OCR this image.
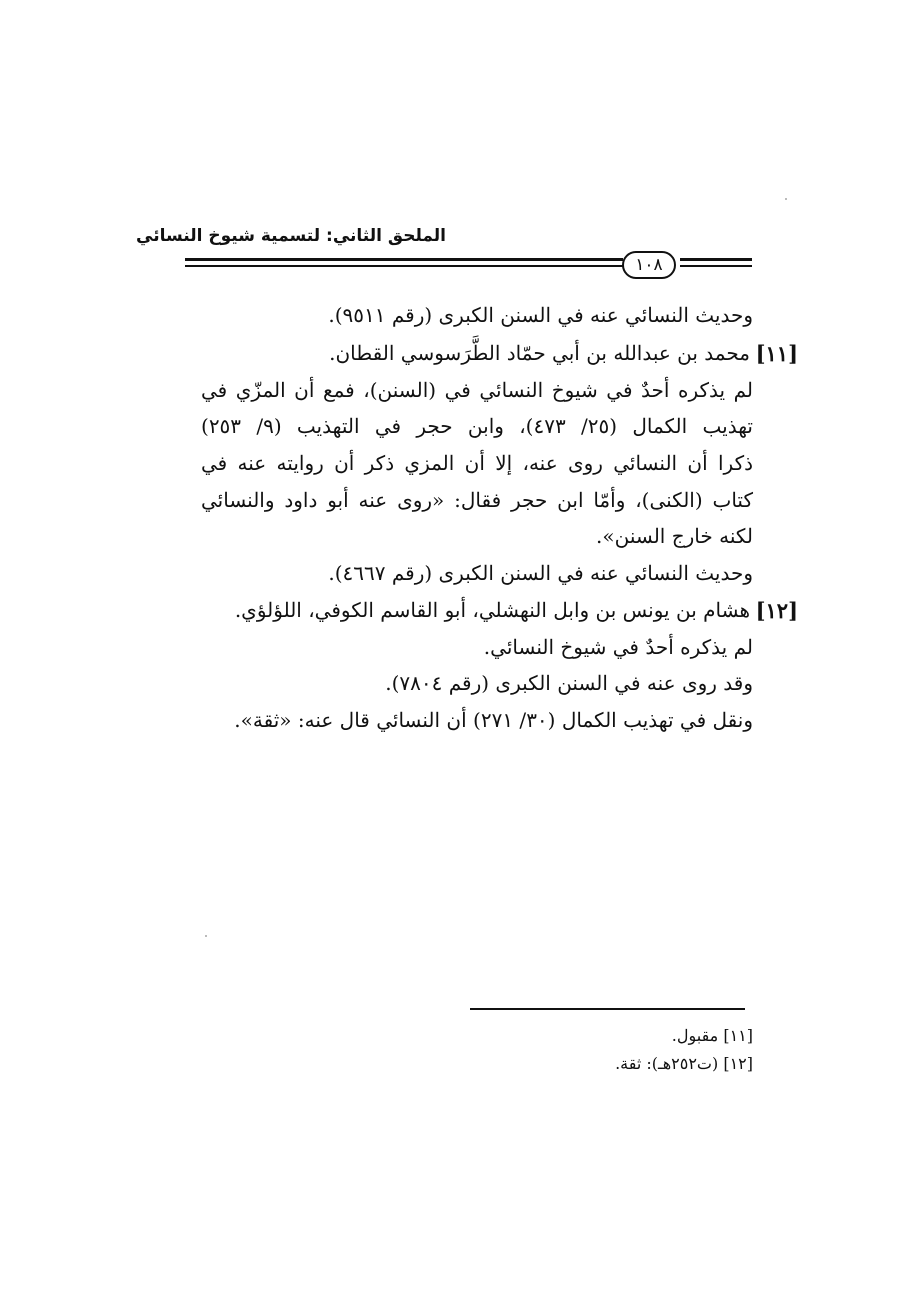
الملحق الثاني: لتسمية شيوخ النسائي
١٠٨
وحديث النسائي عنه في السنن الكبرى (رقم ٩٥١١).
[١١]
محمد بن عبدالله بن أبي حمّاد الطَّرَسوسي القطان.
لم يذكره أحدٌ في شيوخ النسائي في (السنن)، فمع أن المزّي في
تهذيب الكمال (٢٥/ ٤٧٣)، وابن حجر في التهذيب (٩/ ٢٥٣)
ذكرا أن النسائي روى عنه، إلا أن المزي ذكر أن روايته عنه في
كتاب (الكنى)، وأمّا ابن حجر فقال: «روى عنه أبو داود والنسائي
لكنه خارج السنن».
وحديث النسائي عنه في السنن الكبرى (رقم ٤٦٦٧).
[١٢]
هشام بن يونس بن وابل النهشلي، أبو القاسم الكوفي، اللؤلؤي.
لم يذكره أحدٌ في شيوخ النسائي.
وقد روى عنه في السنن الكبرى (رقم ٧٨٠٤).
ونقل في تهذيب الكمال (٣٠/ ٢٧١) أن النسائي قال عنه: «ثقة».
[١١] مقبول.
[١٢] (ت٢٥٢هـ): ثقة.
